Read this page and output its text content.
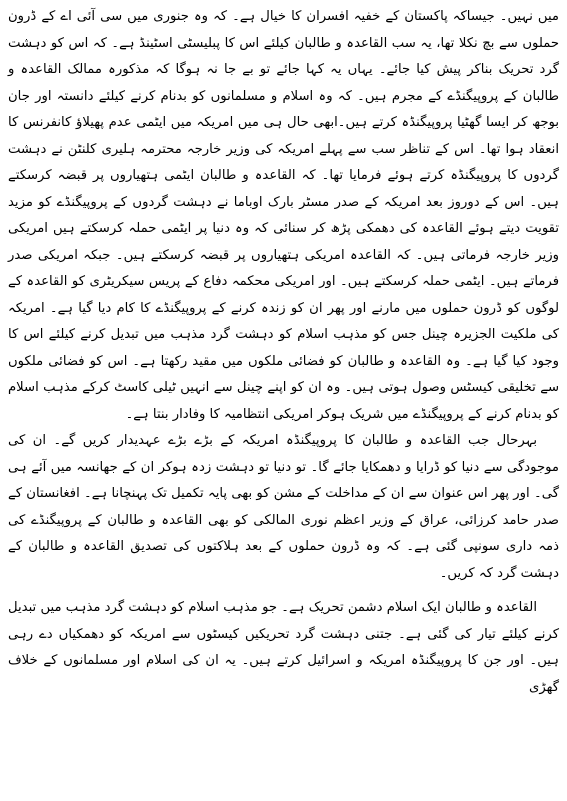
میں نہیں۔ جیساکہ پاکستان کے خفیہ افسران کا خیال ہے۔ کہ وہ جنوری میں سی آئی اے کے ڈرون حملوں سے بچ نکلا تھا، یہ سب القاعدہ و طالبان کیلئے اس کا پبلیسٹی اسٹینڈ ہے۔ کہ اس کو دہشت گرد تحریک بناکر پیش کیا جائے۔ یہاں یہ کہا جائے تو بے جا نہ ہوگا کہ مذکورہ ممالک القاعدہ و طالبان کے پروپیگنڈے کے مجرم ہیں۔ کہ وہ اسلام و مسلمانوں کو بدنام کرنے کیلئے دانستہ اور جان بوجھ کر ایسا گھٹیا پروپیگنڈہ کرتے ہیں۔ابھی حال ہی میں امریکہ میں ایٹمی عدم پھیلاؤ کانفرنس کا انعقاد ہوا تھا۔ اس کے تناظر سب سے پہلے امریکہ کی وزیر خارجہ محترمہ ہلیری کلنٹن نے دہشت گردوں کا پروپیگنڈہ کرتے ہوئے فرمایا تھا۔ کہ القاعدہ و طالبان ایٹمی ہتھیاروں پر قبضہ کرسکتے ہیں۔ اس کے دوروز بعد امریکہ کے صدر مسٹر بارک اوباما نے دہشت گردوں کے پروپیگنڈے کو مزید تقویت دیتے ہوئے القاعدہ کی دھمکی پڑھ کر سنائی کہ وہ دنیا پر ایٹمی حملہ کرسکتے ہیں امریکی وزیر خارجہ فرماتی ہیں۔ کہ القاعدہ امریکی ہتھیاروں پر قبضہ کرسکتے ہیں۔ جبکہ امریکی صدر فرماتے ہیں۔ ایٹمی حملہ کرسکتے ہیں۔ اور امریکی محکمہ دفاع کے پریس سیکریٹری کو القاعدہ کے لوگوں کو ڈرون حملوں میں مارنے اور پھر ان کو زندہ کرنے کے پروپیگنڈے کا کام دیا گیا ہے۔ امریکہ کی ملکیت الجزیرہ چینل جس کو مذہب اسلام کو دہشت گرد مذہب میں تبدیل کرنے کیلئے اس کا وجود کیا گیا ہے۔ وہ القاعدہ و طالبان کو فضائی ملکوں میں مقید رکھتا ہے۔ اس کو فضائی ملکوں سے تخلیقی کیسٹس وصول ہوتی ہیں۔ وہ ان کو اپنے چینل سے انہیں ٹیلی کاسٹ کرکے مذہب اسلام کو بدنام کرنے کے پروپیگنڈے میں شریک ہوکر امریکی انتظامیہ کا وفادار بنتا ہے۔

بہرحال جب القاعدہ و طالبان کا پروپیگنڈہ امریکہ کے بڑے بڑے عہدیدار کریں گے۔ ان کی موجودگی سے دنیا کو ڈرایا و دھمکایا جائے گا۔ تو دنیا تو دہشت زدہ ہوکر ان کے جھانسہ میں آئے ہی گی۔ اور پھر اس عنوان سے ان کے مداخلت کے مشن کو بھی پایہ تکمیل تک پہنچانا ہے۔ افغانستان کے صدر حامد کرزائی، عراق کے وزیر اعظم نوری المالکی کو بھی القاعدہ و طالبان کے پروپیگنڈے کی ذمہ داری سونپی گئی ہے۔ کہ وہ ڈرون حملوں کے بعد ہلاکتوں کی تصدیق القاعدہ و طالبان کے دہشت گرد کہ کریں۔

القاعدہ و طالبان ایک اسلام دشمن تحریک ہے۔ جو مذہب اسلام کو دہشت گرد مذہب میں تبدیل کرنے کیلئے تیار کی گئی ہے۔ جتنی دہشت گرد تحریکیں کیسٹوں سے امریکہ کو دھمکیاں دے رہی ہیں۔ اور جن کا پروپیگنڈہ امریکہ و اسرائیل کرتے ہیں۔ یہ ان کی اسلام اور مسلمانوں کے خلاف گھڑی
